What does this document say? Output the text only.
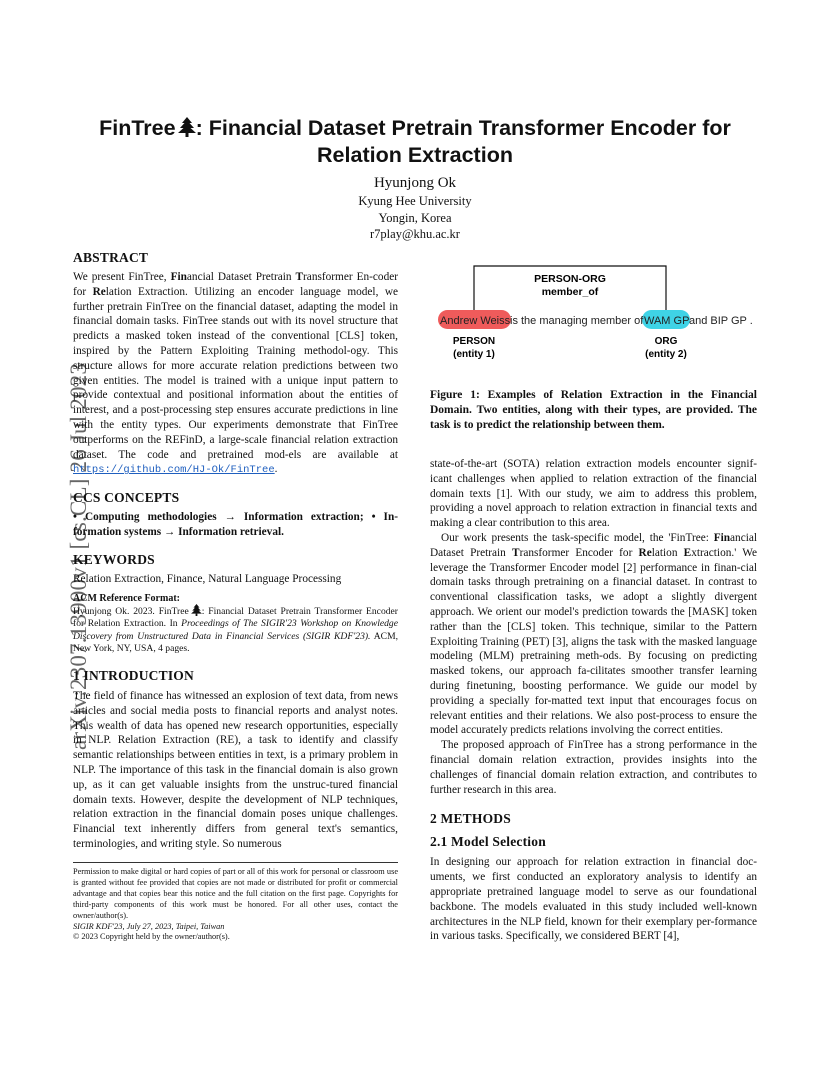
arXiv:2307.13900v1 [cs.CL] 26 Jul 2023
FinTree : Financial Dataset Pretrain Transformer Encoder for
Relation Extraction
Hyunjong Ok
Kyung Hee University
Yongin, Korea
r7play@khu.ac.kr
ABSTRACT

We present FinTree, Financial Dataset Pretrain Transformer En-coder for Relation Extraction. Utilizing an encoder language model, we further pretrain FinTree on the financial dataset, adapting the model in financial domain tasks. FinTree stands out with its novel structure that predicts a masked token instead of the conventional [CLS] token, inspired by the Pattern Exploiting Training methodol-ogy. This structure allows for more accurate relation predictions between two given entities. The model is trained with a unique input pattern to provide contextual and positional information about the entities of interest, and a post-processing step ensures accurate predictions in line with the entity types. Our experiments demonstrate that FinTree outperforms on the REFinD, a large-scale financial relation extraction dataset. The code and pretrained mod-els are available at https://github.com/HJ-Ok/FinTree.

CCS CONCEPTS

• Computing methodologies → Information extraction; • In-formation systems → Information retrieval.

KEYWORDS

Relation Extraction, Finance, Natural Language Processing

ACM Reference Format:

Hyunjong Ok. 2023. FinTree : Financial Dataset Pretrain Transformer Encoder for Relation Extraction. In Proceedings of The SIGIR'23 Workshop on Knowledge Discovery from Unstructured Data in Financial Services (SIGIR KDF'23). ACM, New York, NY, USA, 4 pages.

1 INTRODUCTION

The field of finance has witnessed an explosion of text data, from news articles and social media posts to financial reports and analyst notes. This wealth of data has opened new research opportunities, especially in NLP. Relation Extraction (RE), a task to identify and classify semantic relationships between entities in text, is a primary problem in NLP. The importance of this task in the financial domain is also grown up, as it can get valuable insights from the unstruc-tured financial domain texts. However, despite the development of NLP techniques, relation extraction in the financial domain poses unique challenges. Financial text inherently differs from general text's semantics, terminologies, and writing style. So numerous

Permission to make digital or hard copies of part or all of this work for personal or classroom use is granted without fee provided that copies are not made or distributed for profit or commercial advantage and that copies bear this notice and the full citation on the first page. Copyrights for third-party components of this work must be honored. For all other uses, contact the owner/author(s).

SIGIR KDF'23, July 27, 2023, Taipei, Taiwan

© 2023 Copyright held by the owner/author(s).

PERSON-ORG
member_of
Andrew Weiss is the managing member of WAM GP and BIP GP .
PERSON
(entity 1)
ORG
(entity 2)
Figure 1: Examples of Relation Extraction in the Financial Domain. Two entities, along with their types, are provided. The task is to predict the relationship between them.

state-of-the-art (SOTA) relation extraction models encounter signif-icant challenges when applied to relation extraction of the financial domain texts [1]. With our study, we aim to address this problem, providing a novel approach to relation extraction in financial texts and making a clear contribution to this area.

Our work presents the task-specific model, the 'FinTree: Financial Dataset Pretrain Transformer Encoder for Relation Extraction.' We leverage the Transformer Encoder model [2] performance in finan-cial domain tasks through pretraining on a financial dataset. In contrast to conventional classification tasks, we adopt a slightly divergent approach. We orient our model's prediction towards the [MASK] token rather than the [CLS] token. This technique, similar to the Pattern Exploiting Training (PET) [3], aligns the task with the masked language modeling (MLM) pretraining meth-ods. By focusing on predicting masked tokens, our approach fa-cilitates smoother transfer learning during finetuning, boosting performance. We guide our model by providing a specially for-matted text input that encourages focus on relevant entities and their relations. We also post-process to ensure the model accurately predicts relations involving the correct entities.

The proposed approach of FinTree has a strong performance in the financial domain relation extraction, provides insights into the challenges of financial domain relation extraction, and contributes to further research in this area.

2 METHODS
2.1 Model Selection

In designing our approach for relation extraction in financial doc-uments, we first conducted an exploratory analysis to identify an appropriate pretrained language model to serve as our foundational backbone. The models evaluated in this study included well-known architectures in the NLP field, known for their exemplary per-formance in various tasks. Specifically, we considered BERT [4],
